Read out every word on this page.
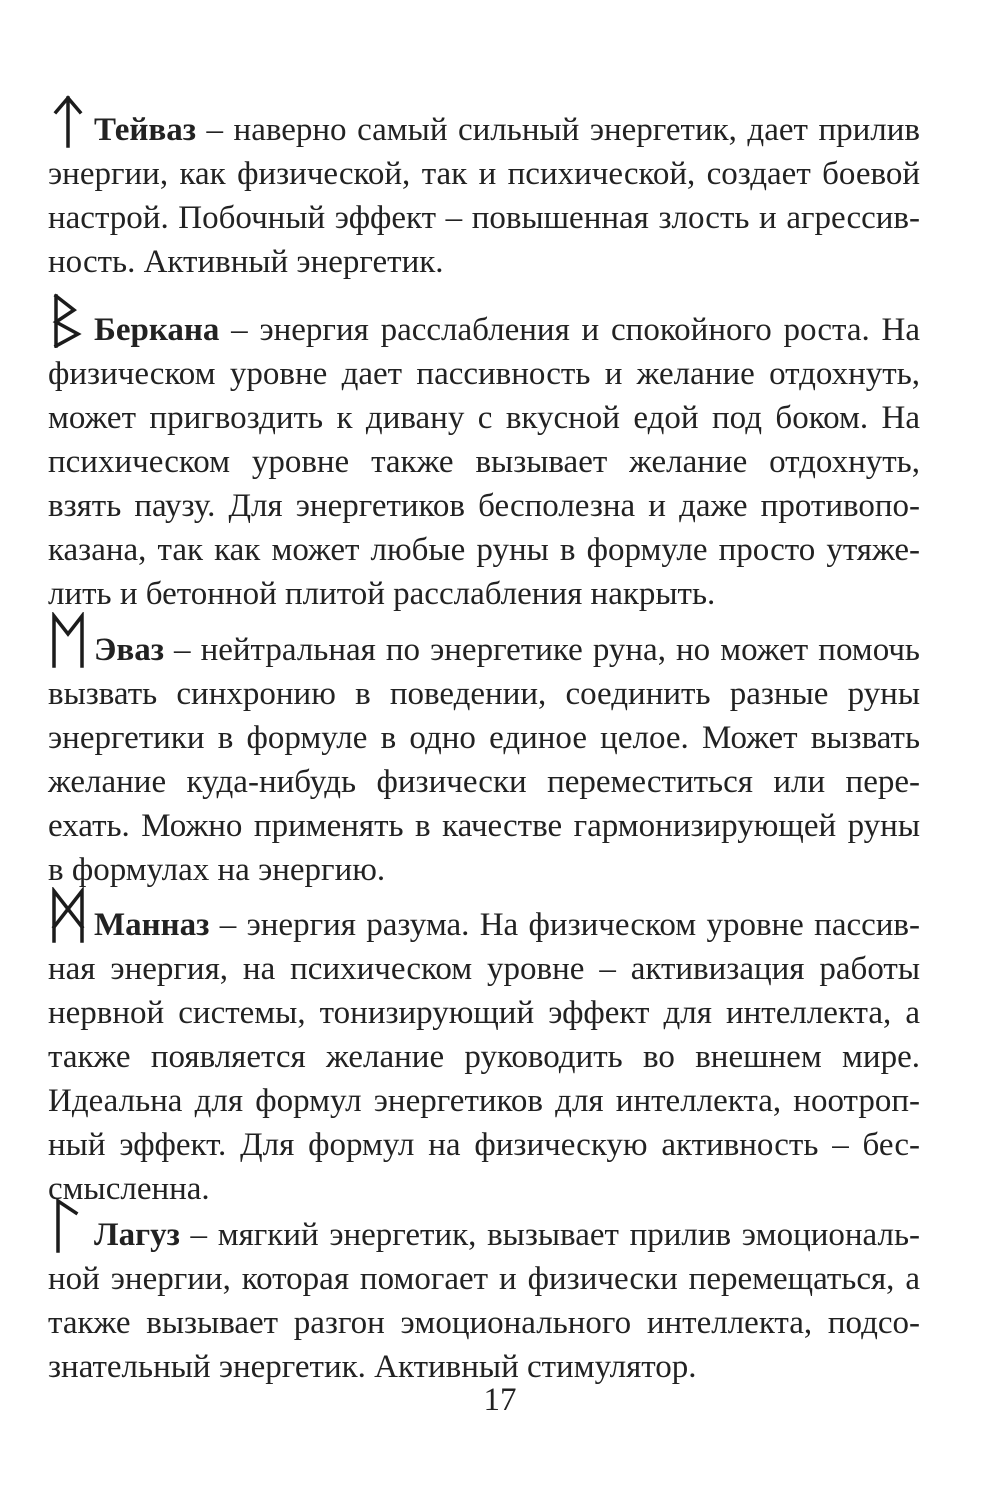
Тейваз – наверно самый сильный энергетик, дает прилив
энергии, как физической, так и психической, создает боевой
настрой. Побочный эффект – повышенная злость и агрессив-
ность. Активный энергетик.
Беркана – энергия расслабления и спокойного роста. На
физическом уровне дает пассивность и желание отдохнуть,
может пригвоздить к дивану с вкусной едой под боком. На
психическом уровне также вызывает желание отдохнуть,
взять паузу. Для энергетиков бесполезна и даже противопо-
казана, так как может любые руны в формуле просто утяже-
лить и бетонной плитой расслабления накрыть.
Эваз – нейтральная по энергетике руна, но может помочь
вызвать синхронию в поведении, соединить разные руны
энергетики в формуле в одно единое целое. Может вызвать
желание куда-нибудь физически переместиться или пере-
ехать. Можно применять в качестве гармонизирующей руны
в формулах на энергию.
Манназ – энергия разума. На физическом уровне пассив-
ная энергия, на психическом уровне – активизация работы
нервной системы, тонизирующий эффект для интеллекта, а
также появляется желание руководить во внешнем мире.
Идеальна для формул энергетиков для интеллекта, ноотроп-
ный эффект. Для формул на физическую активность – бес-
смысленна.
Лагуз – мягкий энергетик, вызывает прилив эмоциональ-
ной энергии, которая помогает и физически перемещаться, а
также вызывает разгон эмоционального интеллекта, подсо-
знательный энергетик. Активный стимулятор.
17
